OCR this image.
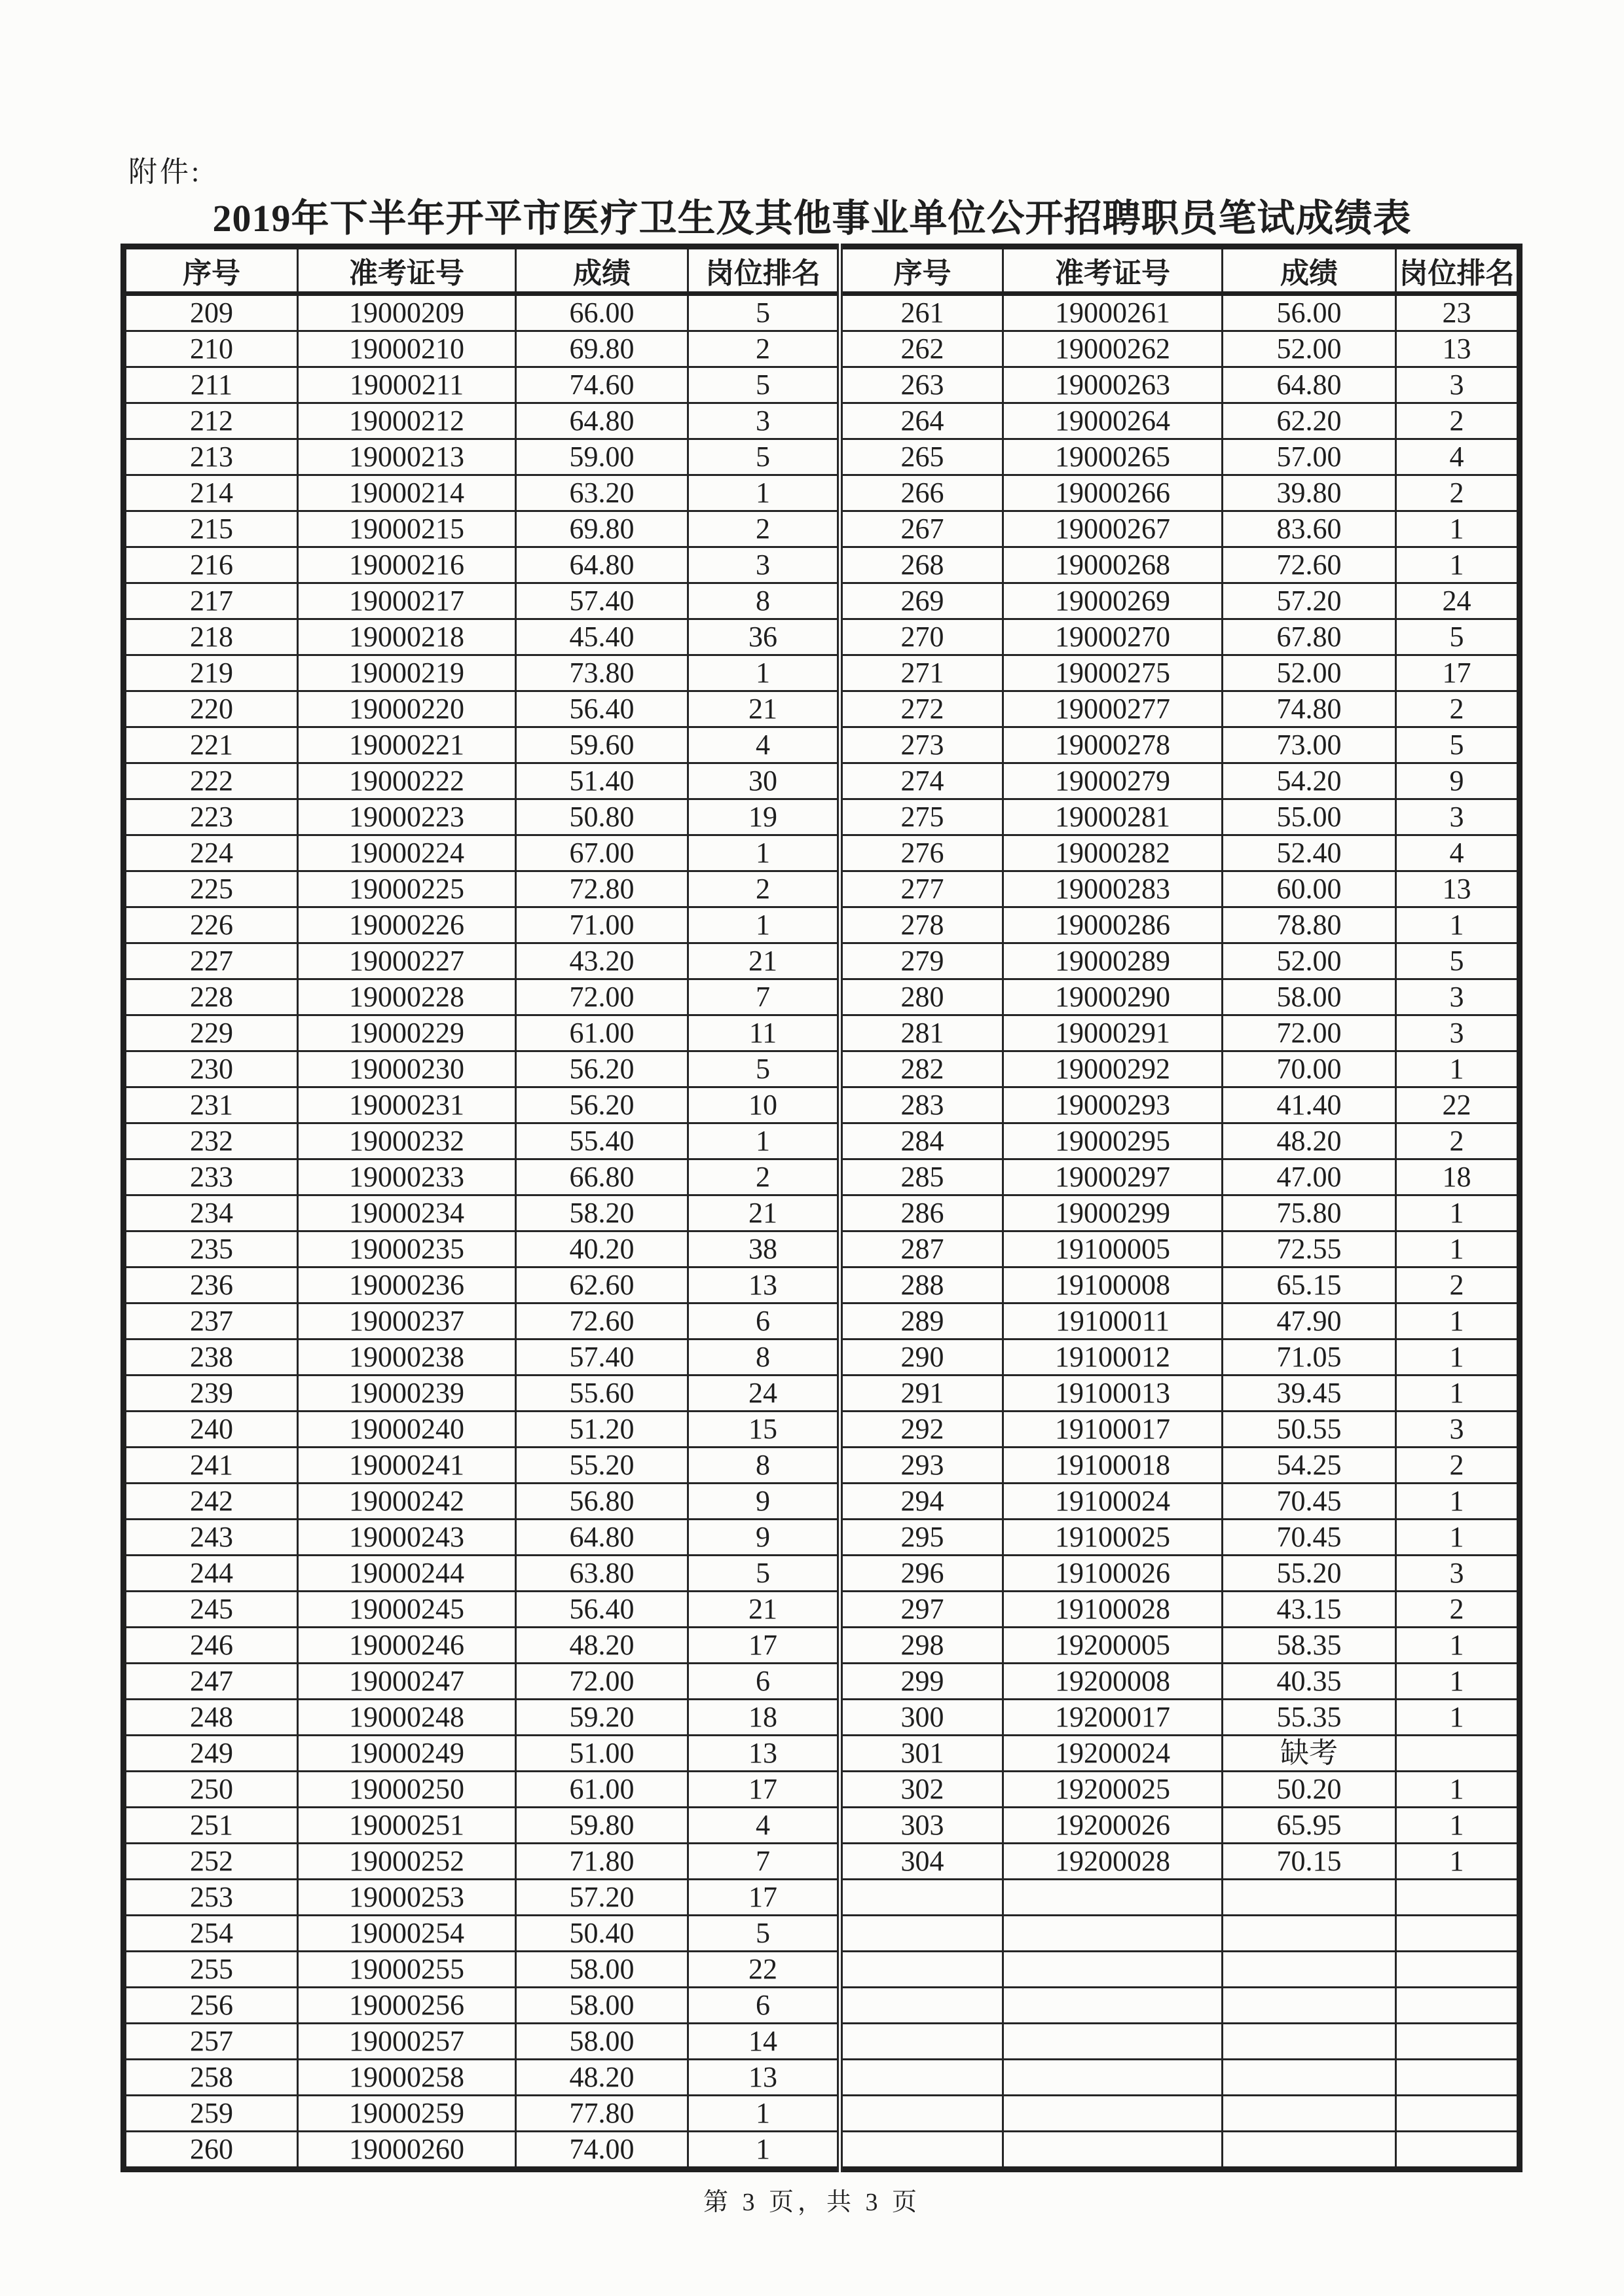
附件:
2019年下半年开平市医疗卫生及其他事业单位公开招聘职员笔试成绩表
序号	准考证号	成绩	岗位排名	序号	准考证号	成绩	岗位排名
209	19000209	66.00	5	261	19000261	56.00	23
210	19000210	69.80	2	262	19000262	52.00	13
211	19000211	74.60	5	263	19000263	64.80	3
212	19000212	64.80	3	264	19000264	62.20	2
213	19000213	59.00	5	265	19000265	57.00	4
214	19000214	63.20	1	266	19000266	39.80	2
215	19000215	69.80	2	267	19000267	83.60	1
216	19000216	64.80	3	268	19000268	72.60	1
217	19000217	57.40	8	269	19000269	57.20	24
218	19000218	45.40	36	270	19000270	67.80	5
219	19000219	73.80	1	271	19000275	52.00	17
220	19000220	56.40	21	272	19000277	74.80	2
221	19000221	59.60	4	273	19000278	73.00	5
222	19000222	51.40	30	274	19000279	54.20	9
223	19000223	50.80	19	275	19000281	55.00	3
224	19000224	67.00	1	276	19000282	52.40	4
225	19000225	72.80	2	277	19000283	60.00	13
226	19000226	71.00	1	278	19000286	78.80	1
227	19000227	43.20	21	279	19000289	52.00	5
228	19000228	72.00	7	280	19000290	58.00	3
229	19000229	61.00	11	281	19000291	72.00	3
230	19000230	56.20	5	282	19000292	70.00	1
231	19000231	56.20	10	283	19000293	41.40	22
232	19000232	55.40	1	284	19000295	48.20	2
233	19000233	66.80	2	285	19000297	47.00	18
234	19000234	58.20	21	286	19000299	75.80	1
235	19000235	40.20	38	287	19100005	72.55	1
236	19000236	62.60	13	288	19100008	65.15	2
237	19000237	72.60	6	289	19100011	47.90	1
238	19000238	57.40	8	290	19100012	71.05	1
239	19000239	55.60	24	291	19100013	39.45	1
240	19000240	51.20	15	292	19100017	50.55	3
241	19000241	55.20	8	293	19100018	54.25	2
242	19000242	56.80	9	294	19100024	70.45	1
243	19000243	64.80	9	295	19100025	70.45	1
244	19000244	63.80	5	296	19100026	55.20	3
245	19000245	56.40	21	297	19100028	43.15	2
246	19000246	48.20	17	298	19200005	58.35	1
247	19000247	72.00	6	299	19200008	40.35	1
248	19000248	59.20	18	300	19200017	55.35	1
249	19000249	51.00	13	301	19200024	缺考	
250	19000250	61.00	17	302	19200025	50.20	1
251	19000251	59.80	4	303	19200026	65.95	1
252	19000252	71.80	7	304	19200028	70.15	1
253	19000253	57.20	17				
254	19000254	50.40	5				
255	19000255	58.00	22				
256	19000256	58.00	6				
257	19000257	58.00	14				
258	19000258	48.20	13				
259	19000259	77.80	1				
260	19000260	74.00	1				
第 3 页，共 3 页
